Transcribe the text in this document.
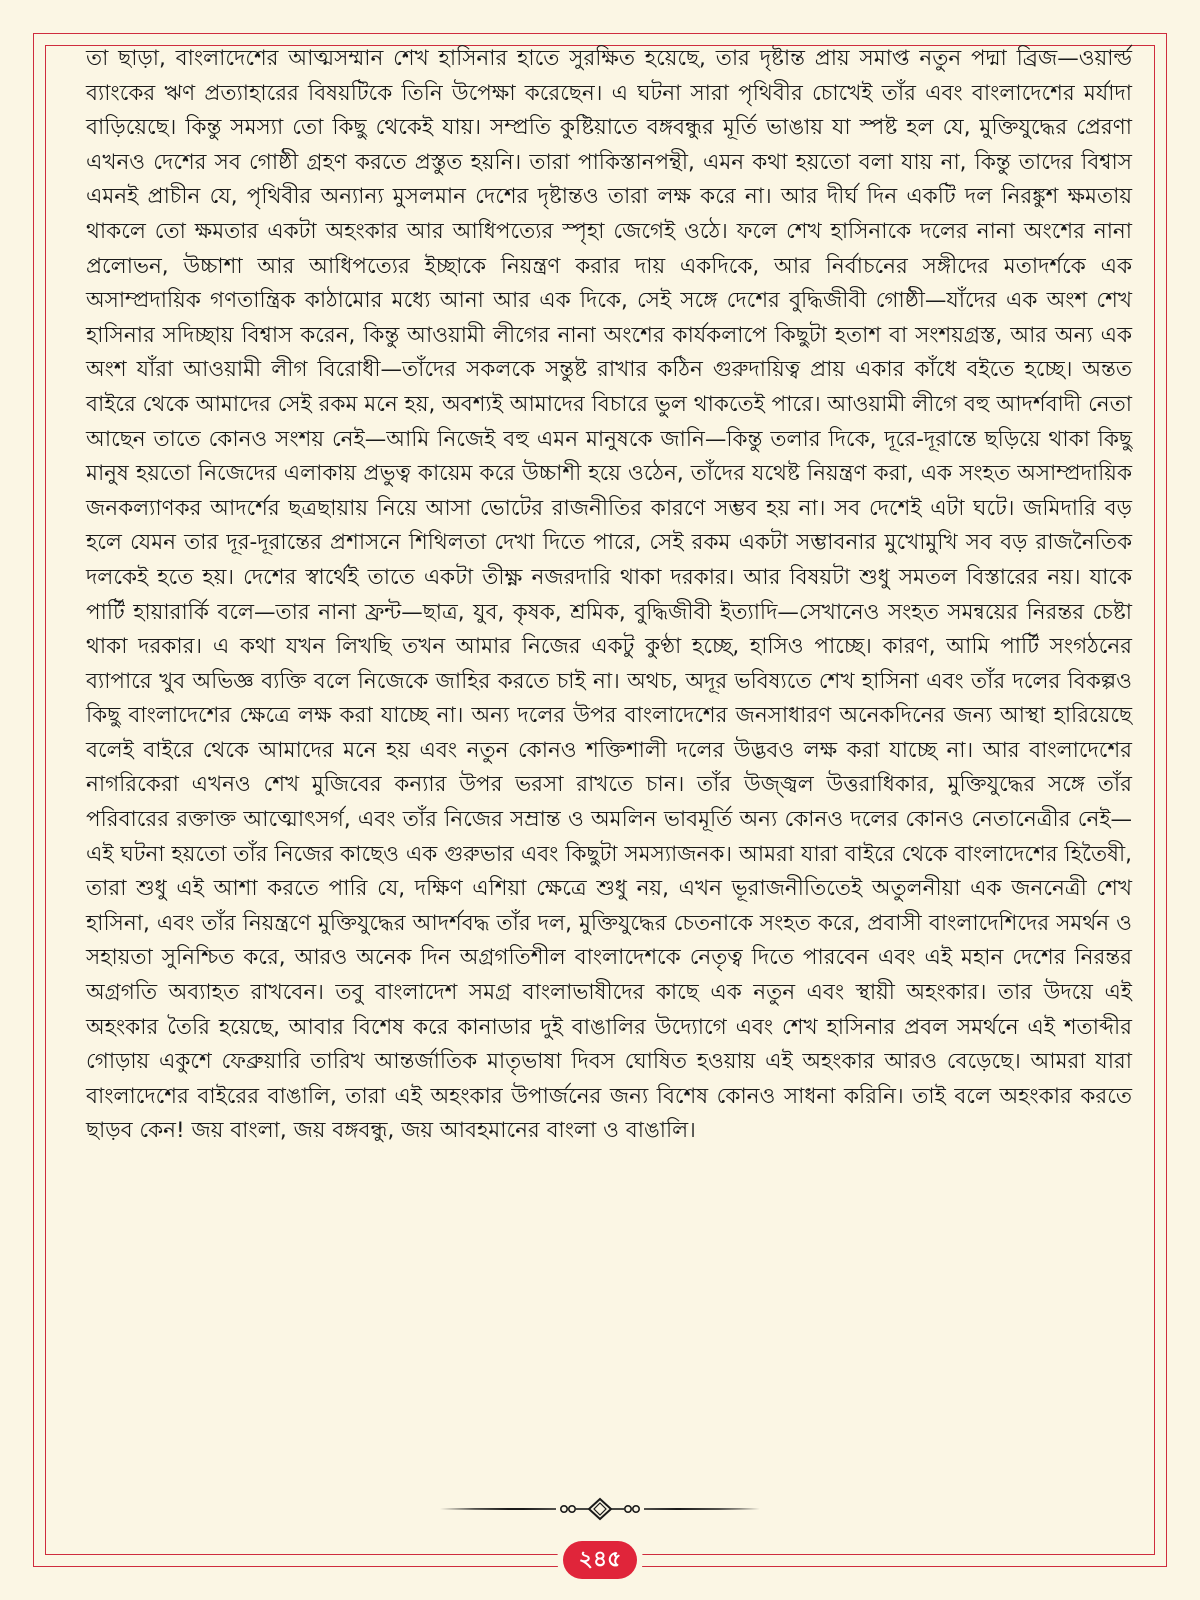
তা ছাড়া, বাংলাদেশের আত্মসম্মান শেখ হাসিনার হাতে সুরক্ষিত হয়েছে, তার দৃষ্টান্ত প্রায় সমাপ্ত নতুন পদ্মা ব্রিজ—ওয়ার্ল্ড ব্যাংকের ঋণ প্রত্যাহারের বিষয়টিকে তিনি উপেক্ষা করেছেন। এ ঘটনা সারা পৃথিবীর চোখেই তাঁর এবং বাংলাদেশের মর্যাদা বাড়িয়েছে। কিন্তু সমস্যা তো কিছু থেকেই যায়। সম্প্রতি কুষ্টিয়াতে বঙ্গবন্ধুর মূর্তি ভাঙায় যা স্পষ্ট হল যে, মুক্তিযুদ্ধের প্রেরণা এখনও দেশের সব গোষ্ঠী গ্রহণ করতে প্রস্তুত হয়নি। তারা পাকিস্তানপন্থী, এমন কথা হয়তো বলা যায় না, কিন্তু তাদের বিশ্বাস এমনই প্রাচীন যে, পৃথিবীর অন্যান্য মুসলমান দেশের দৃষ্টান্তও তারা লক্ষ করে না। আর দীর্ঘ দিন একটি দল নিরঙ্কুশ ক্ষমতায় থাকলে তো ক্ষমতার একটা অহংকার আর আধিপত্যের স্পৃহা জেগেই ওঠে। ফলে শেখ হাসিনাকে দলের নানা অংশের নানা প্রলোভন, উচ্চাশা আর আধিপত্যের ইচ্ছাকে নিয়ন্ত্রণ করার দায় একদিকে, আর নির্বাচনের সঙ্গীদের মতাদর্শকে এক অসাম্প্রদায়িক গণতান্ত্রিক কাঠামোর মধ্যে আনা আর এক দিকে, সেই সঙ্গে দেশের বুদ্ধিজীবী গোষ্ঠী—যাঁদের এক অংশ শেখ হাসিনার সদিচ্ছায় বিশ্বাস করেন, কিন্তু আওয়ামী লীগের নানা অংশের কার্যকলাপে কিছুটা হতাশ বা সংশয়গ্রস্ত, আর অন্য এক অংশ যাঁরা আওয়ামী লীগ বিরোধী—তাঁদের সকলকে সন্তুষ্ট রাখার কঠিন গুরুদায়িত্ব প্রায় একার কাঁধে বইতে হচ্ছে। অন্তত বাইরে থেকে আমাদের সেই রকম মনে হয়, অবশ্যই আমাদের বিচারে ভুল থাকতেই পারে। আওয়ামী লীগে বহু আদর্শবাদী নেতা আছেন তাতে কোনও সংশয় নেই—আমি নিজেই বহু এমন মানুষকে জানি—কিন্তু তলার দিকে, দূরে-দূরান্তে ছড়িয়ে থাকা কিছু মানুষ হয়তো নিজেদের এলাকায় প্রভুত্ব কায়েম করে উচ্চাশী হয়ে ওঠেন, তাঁদের যথেষ্ট নিয়ন্ত্রণ করা, এক সংহত অসাম্প্রদায়িক জনকল্যাণকর আদর্শের ছত্রছায়ায় নিয়ে আসা ভোটের রাজনীতির কারণে সম্ভব হয় না। সব দেশেই এটা ঘটে। জমিদারি বড় হলে যেমন তার দূর-দূরান্তের প্রশাসনে শিথিলতা দেখা দিতে পারে, সেই রকম একটা সম্ভাবনার মুখোমুখি সব বড় রাজনৈতিক দলকেই হতে হয়। দেশের স্বার্থেই তাতে একটা তীক্ষ্ণ নজরদারি থাকা দরকার। আর বিষয়টা শুধু সমতল বিস্তারের নয়। যাকে পার্টি হায়ারার্কি বলে—তার নানা ফ্রন্ট—ছাত্র, যুব, কৃষক, শ্রমিক, বুদ্ধিজীবী ইত্যাদি—সেখানেও সংহত সমন্বয়ের নিরন্তর চেষ্টা থাকা দরকার। এ কথা যখন লিখছি তখন আমার নিজের একটু কুণ্ঠা হচ্ছে, হাসিও পাচ্ছে। কারণ, আমি পার্টি সংগঠনের ব্যাপারে খুব অভিজ্ঞ ব্যক্তি বলে নিজেকে জাহির করতে চাই না। অথচ, অদূর ভবিষ্যতে শেখ হাসিনা এবং তাঁর দলের বিকল্পও কিছু বাংলাদেশের ক্ষেত্রে লক্ষ করা যাচ্ছে না। অন্য দলের উপর বাংলাদেশের জনসাধারণ অনেকদিনের জন্য আস্থা হারিয়েছে বলেই বাইরে থেকে আমাদের মনে হয় এবং নতুন কোনও শক্তিশালী দলের উদ্ভবও লক্ষ করা যাচ্ছে না। আর বাংলাদেশের নাগরিকেরা এখনও শেখ মুজিবের কন্যার উপর ভরসা রাখতে চান। তাঁর উজ্জ্বল উত্তরাধিকার, মুক্তিযুদ্ধের সঙ্গে তাঁর পরিবারের রক্তাক্ত আত্মোৎসর্গ, এবং তাঁর নিজের সম্রান্ত ও অমলিন ভাবমূর্তি অন্য কোনও দলের কোনও নেতানেত্রীর নেই—এই ঘটনা হয়তো তাঁর নিজের কাছেও এক গুরুভার এবং কিছুটা সমস্যাজনক। আমরা যারা বাইরে থেকে বাংলাদেশের হিতৈষী, তারা শুধু এই আশা করতে পারি যে, দক্ষিণ এশিয়া ক্ষেত্রে শুধু নয়, এখন ভূরাজনীতিতেই অতুলনীয়া এক জননেত্রী শেখ হাসিনা, এবং তাঁর নিয়ন্ত্রণে মুক্তিযুদ্ধের আদর্শবদ্ধ তাঁর দল, মুক্তিযুদ্ধের চেতনাকে সংহত করে, প্রবাসী বাংলাদেশিদের সমর্থন ও সহায়তা সুনিশ্চিত করে, আরও অনেক দিন অগ্রগতিশীল বাংলাদেশকে নেতৃত্ব দিতে পারবেন এবং এই মহান দেশের নিরন্তর অগ্রগতি অব্যাহত রাখবেন। তবু বাংলাদেশ সমগ্র বাংলাভাষীদের কাছে এক নতুন এবং স্থায়ী অহংকার। তার উদয়ে এই অহংকার তৈরি হয়েছে, আবার বিশেষ করে কানাডার দুই বাঙালির উদ্যোগে এবং শেখ হাসিনার প্রবল সমর্থনে এই শতাব্দীর গোড়ায় একুশে ফেব্রুয়ারি তারিখ আন্তর্জাতিক মাতৃভাষা দিবস ঘোষিত হওয়ায় এই অহংকার আরও বেড়েছে। আমরা যারা বাংলাদেশের বাইরের বাঙালি, তারা এই অহংকার উপার্জনের জন্য বিশেষ কোনও সাধনা করিনি। তাই বলে অহংকার করতে ছাড়ব কেন! জয় বাংলা, জয় বঙ্গবন্ধু, জয় আবহমানের বাংলা ও বাঙালি।

২৪৫
